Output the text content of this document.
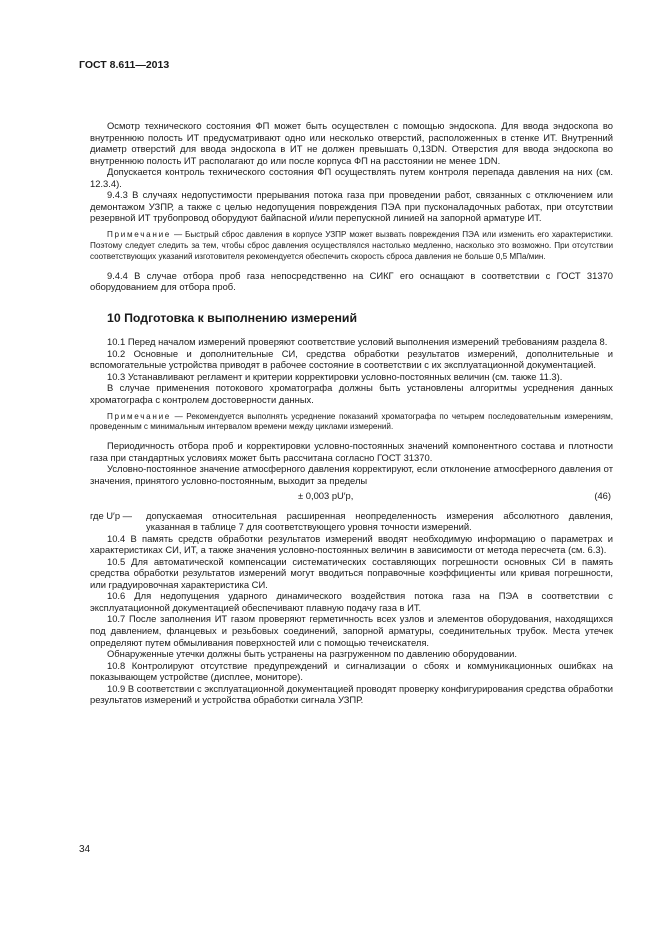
ГОСТ 8.611—2013

Осмотр технического состояния ФП может быть осуществлен с помощью эндоскопа. Для ввода эндоскопа во внутреннюю полость ИТ предусматривают одно или несколько отверстий, расположенных в стенке ИТ. Внутренний диаметр отверстий для ввода эндоскопа в ИТ не должен превышать 0,13DN. Отверстия для ввода эндоскопа во внутреннюю полость ИТ располагают до или после корпуса ФП на расстоянии не менее 1DN.

Допускается контроль технического состояния ФП осуществлять путем контроля перепада давления на них (см. 12.3.4).

9.4.3 В случаях недопустимости прерывания потока газа при проведении работ, связанных с отключением или демонтажом УЗПР, а также с целью недопущения повреждения ПЭА при пусконаладочных работах, при отсутствии резервной ИТ трубопровод оборудуют байпасной и/или перепускной линией на запорной арматуре ИТ.

Примечание — Быстрый сброс давления в корпусе УЗПР может вызвать повреждения ПЭА или изменить его характеристики. Поэтому следует следить за тем, чтобы сброс давления осуществлялся настолько медленно, насколько это возможно. При отсутствии соответствующих указаний изготовителя рекомендуется обеспечить скорость сброса давления не больше 0,5 МПа/мин.

9.4.4 В случае отбора проб газа непосредственно на СИКГ его оснащают в соответствии с ГОСТ 31370 оборудованием для отбора проб.

10 Подготовка к выполнению измерений

10.1 Перед началом измерений проверяют соответствие условий выполнения измерений требованиям раздела 8.

10.2 Основные и дополнительные СИ, средства обработки результатов измерений, дополнительные и вспомогательные устройства приводят в рабочее состояние в соответствии с их эксплуатационной документацией.

10.3 Устанавливают регламент и критерии корректировки условно-постоянных величин (см. также 11.3).

В случае применения потокового хроматографа должны быть установлены алгоритмы усреднения данных хроматографа с контролем достоверности данных.

Примечание — Рекомендуется выполнять усреднение показаний хроматографа по четырем последовательным измерениям, проведенным с минимальным интервалом времени между циклами измерений.

Периодичность отбора проб и корректировки условно-постоянных значений компонентного состава и плотности газа при стандартных условиях может быть рассчитана согласно ГОСТ 31370.

Условно-постоянное значение атмосферного давления корректируют, если отклонение атмосферного давления от значения, принятого условно-постоянным, выходит за пределы

± 0,003 pU′p,	(46)
где U′p —	допускаемая относительная расширенная неопределенность измерения абсолютного давления, указанная в таблице 7 для соответствующего уровня точности измерений.

10.4 В память средств обработки результатов измерений вводят необходимую информацию о параметрах и характеристиках СИ, ИТ, а также значения условно-постоянных величин в зависимости от метода пересчета (см. 6.3).

10.5 Для автоматической компенсации систематических составляющих погрешности основных СИ в память средства обработки результатов измерений могут вводиться поправочные коэффициенты или кривая погрешности, или градуировочная характеристика СИ.

10.6 Для недопущения ударного динамического воздействия потока газа на ПЭА в соответствии с эксплуатационной документацией обеспечивают плавную подачу газа в ИТ.

10.7 После заполнения ИТ газом проверяют герметичность всех узлов и элементов оборудования, находящихся под давлением, фланцевых и резьбовых соединений, запорной арматуры, соединительных трубок. Места утечек определяют путем обмыливания поверхностей или с помощью течеискателя.

Обнаруженные утечки должны быть устранены на разгруженном по давлению оборудовании.

10.8 Контролируют отсутствие предупреждений и сигнализации о сбоях и коммуникационных ошибках на показывающем устройстве (дисплее, мониторе).

10.9 В соответствии с эксплуатационной документацией проводят проверку конфигурирования средства обработки результатов измерений и устройства обработки сигнала УЗПР.

34
